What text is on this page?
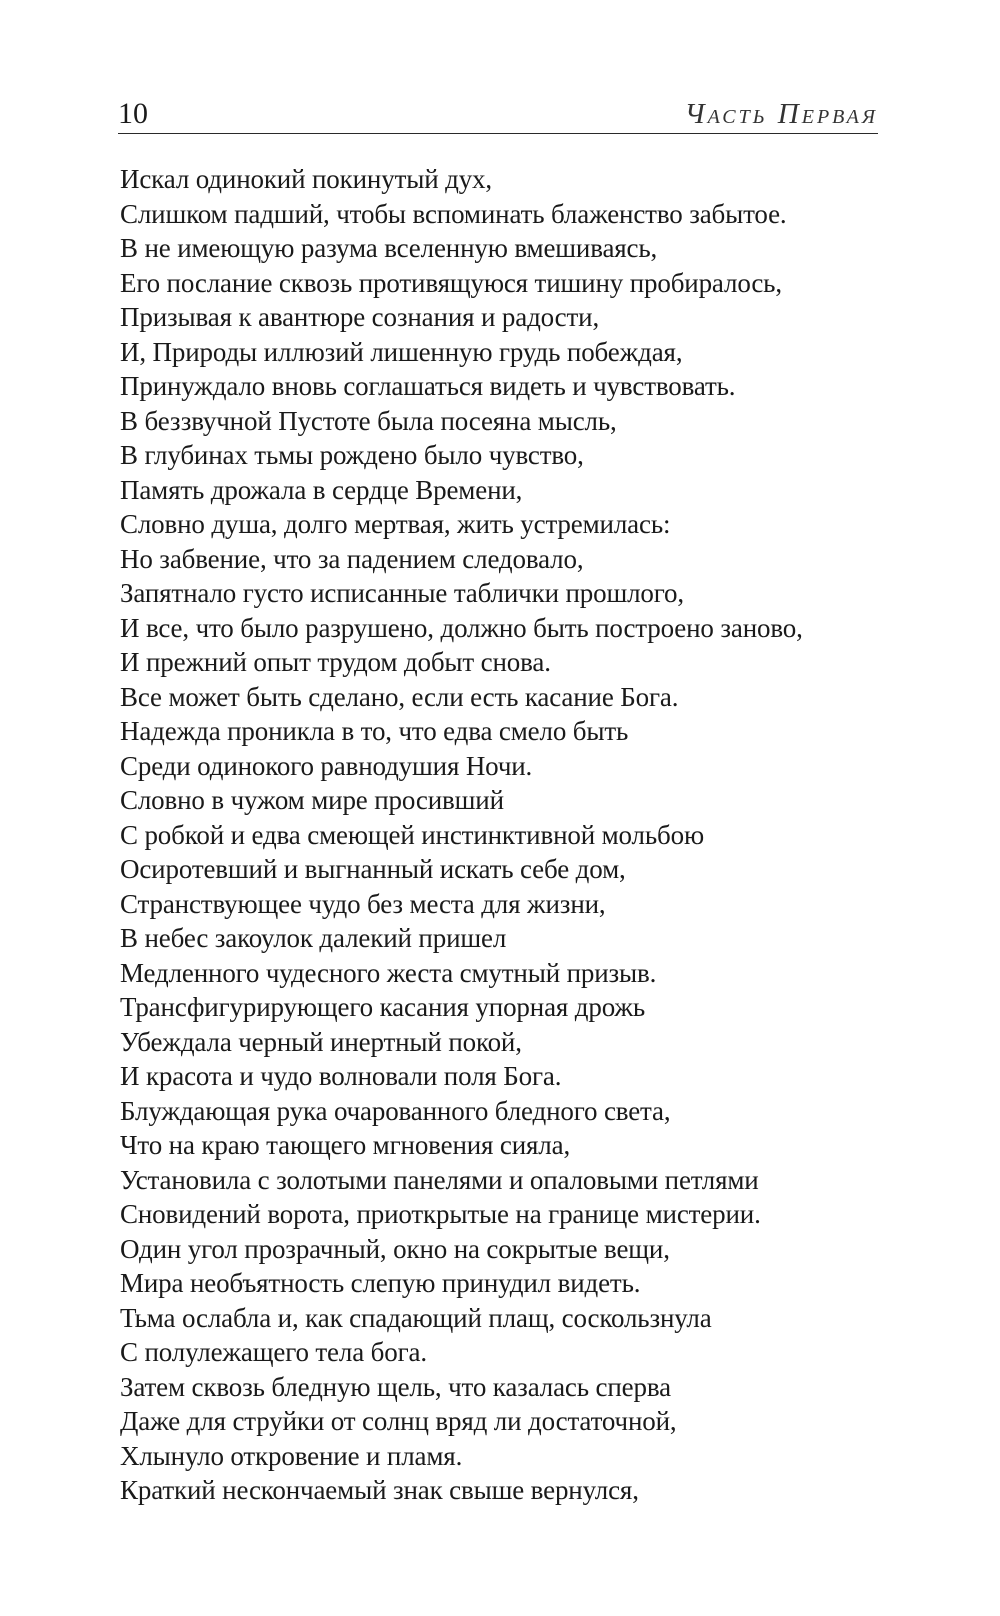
10	Часть Первая
Искал одинокий покинутый дух,
Слишком падший, чтобы вспоминать блаженство забытое.
В не имеющую разума вселенную вмешиваясь,
Его послание сквозь противящуюся тишину пробиралось,
Призывая к авантюре сознания и радости,
И, Природы иллюзий лишенную грудь побеждая,
Принуждало вновь соглашаться видеть и чувствовать.
В беззвучной Пустоте была посеяна мысль,
В глубинах тьмы рождено было чувство,
Память дрожала в сердце Времени,
Словно душа, долго мертвая, жить устремилась:
Но забвение, что за падением следовало,
Запятнало густо исписанные таблички прошлого,
И все, что было разрушено, должно быть построено заново,
И прежний опыт трудом добыт снова.
Все может быть сделано, если есть касание Бога.
Надежда проникла в то, что едва смело быть
Среди одинокого равнодушия Ночи.
Словно в чужом мире просивший
С робкой и едва смеющей инстинктивной мольбою
Осиротевший и выгнанный искать себе дом,
Странствующее чудо без места для жизни,
В небес закоулок далекий пришел
Медленного чудесного жеста смутный призыв.
Трансфигурирующего касания упорная дрожь
Убеждала черный инертный покой,
И красота и чудо волновали поля Бога.
Блуждающая рука очарованного бледного света,
Что на краю тающего мгновения сияла,
Установила с золотыми панелями и опаловыми петлями
Сновидений ворота, приоткрытые на границе мистерии.
Один угол прозрачный, окно на сокрытые вещи,
Мира необъятность слепую принудил видеть.
Тьма ослабла и, как спадающий плащ, соскользнула
С полулежащего тела бога.
Затем сквозь бледную щель, что казалась сперва
Даже для струйки от солнц вряд ли достаточной,
Хлынуло откровение и пламя.
Краткий нескончаемый знак свыше вернулся,
